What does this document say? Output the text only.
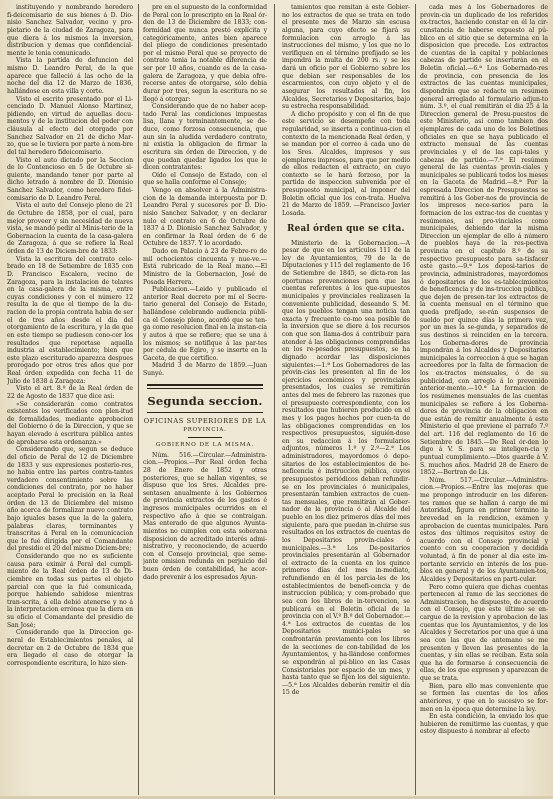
instituyendo y nombrando heredero fi-deicomisario de sus bienes á D. Dio-nisio Sanchez Salvador, vecino y pro-pietario de la ciudad de Zaragoza, para que diera á los mismos la inversion, distribucion y demas que confidencial-mente le tenia comunicado.

Vista la partida de defuncion del mismo D. Leandro Peral, de la que aparece que falleció á las ocho de la noche del dia 12 de Marzo de 1836, hallándose en esta villa y corte.

Visto el escrito presentado por el Li-cenciado D. Manuel Alonso Martinez, pidiendo, en virtud de aquellas docu-mentos y de la institucion del poder con cláusula al efecto del otorgado por Sanchez Salvador en 21 de dicho Mar-zo, que se le tuviera por parte á nom-bre del tal heredero fideicomisario.

Visto el auto dictado por la Seccion de lo Contencioso en 5 de Octubre si-guiente, mandando tener por parte al dicho letrado á nombre de D. Dionisio Sanchez Salvador, como heredero fidei-comisario de D. Leandro Peral.

Vista el auto del Consejo pleno de 21 de Octubre de 1858, por el cual, para mejor proveer y sin necesidad de nueva vista, se mandó pedir al Minis-terio de la Gobernacion la cuenta de la casa-galera de Zaragoza, á que se refiere la Real órden de 13 de Diciem-bre de 1833:

Vista la escritura del contrato cele-brado en 18 de Setiembre de 1835 con D. Francisco Escalera, vecino de Zaragoza, para la instalacion de telares en la casa-galera de la misma, entre cuyas condiciones y con el número 12 resulta la de que el tiempo de la du-racion de la propia contrata habia de ser el de tres años desde el dia del otorgamiento de la escritura, y la de que en este tiempo se pudiesen cono-cer los resultados que reportase aquella industria al establecimiento; bien que este plazo escriturado aparezca despues prorogado por otros tres años que por Real órden expedida con fecha 11 de Julio de 1838 á Zaragoza:

Visto el art. 8.º de la Real órden de 22 de Agosto de 1837 que dice asi:

«Se considerarán como contratos existentes los verificados con plen-itud de formalidades, mediante aprobacion del Gobierno ó de la Direccion, y que se hayan elevado á escritura pública antes de aprobarse esta ordenanza.»

Considerando que, segun se deduce del oficio de Peral de 12 de Diciembre de 1833 y sus expresiones posterio-res, no habia entre las partes contra-tantes verdadero consentimiento sobre las condiciones del contrato, por no haber aceptado Peral le precisión en la Real órden de 13 de Diciembre del mismo año acerca de formalizar nuevo contrato bajo iguales bases que la de la galera, palabras claras, terminantes y transcritas á Peral en la comunicacion que le fué dirigida por el Comandante del presidio el 20 del mismo Diciem-bre;

Considerando que no es suficiente causa para eximir á Peral del cumpli-miento de la Real órden de 13 de Di-ciembre en todas sus partes el objeto parcial con que la fué comunicada, porque habiendo sabidose mientras tran-scrita, á ella debió atenerse y no á la interpretacion errónea que la diera en su oficio el Comandante del presidio de San José;

Considerando que la Direccion ge-neral de Establecimientos penales, al decretar en 2 de Octubre de 1834 que era llegado el caso de otorgar la correspondiente escritura, lo hizo sien-

pre en el supuesto de la conformidad de Peral con lo prescripto en la Real ór-den de 13 de Diciembre de 1833; con-formidad que nunca prestó explícita y categóricamente, antes bien aparece del pliego de condiciones presentado por el mismo Peral que se proyecto de contrato tenia la notable diferencia de ser por 10 años, cuando es de la casa-galera de Zaragoza, y que debia ofre-recerse antes de otorgarse, sólo debia durar por tres, segun la escritura no se llegó á otorgar:

Considerando que de no haber acep-tado Peral las condiciones impuestas lisa, llana y terminantemente, se de-duce, como forzosa consecuencia, que aun sin la aludida verdadero contrato, ni existia la obligacion de firmar la escritura sin órden de Direccion, y de que puedan quedar ligados los que le dicen contratantes:

Oído el Consejo de Estado, con el que se halla conforme el Consejo;

Vengo en absolver á la Administra-cion de la demanda interpuesta por D. Leandro Peral y sucesores por D. Dio-nisio Sanchez Salvador, y en declarar nulo el contrato en 6 de Octubre de 1837 á D. Dionisio Sanchez Salvador, y en confirmar la Real órden de 6 de Octubre de 1837. Y lo acordado.

Dado en Palacio á 23 de Febre-ro de mil ochocientos cincuenta y nue-ve.—Está rubricado de la Real mano.—El Ministro de la Gobernacion, José de Posada Herrera.

Publicacion.—Leido y publicado el anterior Real decreto por mí el Secre-tario general del Consejo de Estado, hallándose celebrando audiencia públi-ca el Consejo pleno, acordó que se ten-ga como resolucion final en la instan-cia y autos á que se refiere; que se una á los mismos; se notifique á las par-tes por cédula de Egiro, y se inserte en la Gaceta, de que certifico.

Madrid 3 de Marzo de 1859.—Juan Sunyé.

Segunda seccion.
OFICINAS SUPERIORES DE LA
PROVINCIA.
GOBIERNO DE LA MISMA.

Núm. 516.—Circular.—Administra-cion.—Propios.—Por Real órden fecha 28 de Enero de 1852 y otras posteriores, que se hallan vigentes, se dispuso que los Sres. Alcaldes pre-sentasen anualmente á los Gobiernos de provincia extractos de los gastos é ingresos municipales ocurridos en el respectivo año á que se contraigan. Mas enterado de que algunos Ayunta-mientos no cumplen con esta soberana disposicion de acreditado interés admi-nistrativo, y reconociendo, de acuerdo con el Consejo provincial, que seme-jante omision redunda en perjuicio del buen órden de contabilidad, he acor-dado prevenir á los espresados Ayun-

tamientos que remitan á este Gobier-no los extractos de que se trata en todo el presente mes de Marzo sin escusa alguna, para cuyo efecto se fijará su formulacion con arreglo á las instrucciones del mismo, y los que no lo verifiquen en el término prefijado se les impondrá la multa de 200 rs. y se les dará un oficio por el Gobierno sobre los que debian ser responsables de los escarmientos, con cuyo objeto y el de asegurar los resultados al fin, los Alcaldes, Secretarios y Depositarios, bajo su estrecha responsabilidad.

A dicho propósito y con el fin de que este servicio se desempeñe con toda regularidad, se inserta a continua-cion el contexto de la mencionada Real órden, y se mandan por el correo á cada uno de los Sres. Alcaldes, impresos y sus ejemplares impresos, para que por medio de ellos redacten el extracto, en cuyo contexto se le hará forzoso, por la partida de inspeccion subvenida por el presupuesto municipal, al imponer del Boletin oficial que los con-trata. Huelva 21 de Marzo de 1859. —Francisco Javier Losada.

Real órden que se cita.

Ministerio de la Gobernacion.—A pesar de que en los artículos 111 de la ley de Ayuntamientos, 79 de la de Diputaciones y 115 del reglamento de 16 de Setiembre de 1845, se dicta-ron las oportunas prevenciones para que las cuentas referentes á los que-supuestos municipales y provinciales realizasen la conveniente publicidad, deseando S. M. que los pueblos tengan una noticia tan exacta y frecuente co-mo sea posible de la inversion que se diere á los recursos con que son llama-dos á contribuir para atender á las obligaciones comprendidas en los re-pesados presupuestos, se ha dignado acordar las disposiciones siguientes:—1.ª Los Gobernadores de las provin-cias les presenten al fin de los ejercicios económicos y provinciales presentados, los cuales se remitirán antes del mes de febrero las razones que el presupuesto correspondiente, con los resultados que hubieren producido en el mes y los pagos hechos por cuen-ta de las obligaciones comprendidas en los respectivos presupuestos, siguién-dose en su redaccion á los formularios adjuntos, números 1.º y 2.º—2.ª Los administradores, mayordomos ó depo-sitarios de los establecimientos de be-neficencia é instruccion pública, cuyos presupuestos periódicos deban refundir-se en los provinciales ó municipales, presentarán tambien extractos de cuen-tas mensuales, que remitirán al Gober-nador de la provincia ó al Alcalde del pueblo en los diez primeros días del mes siguiente, para que puedan in-cluirse sus resultados en los extractos de cuentas de los Depositarios provin-ciales ó municipales.—3.ª Los De-positarios provinciales presentarán al Gobernador el extracto de la cuenta en los quince primeros días del mes in-mediato, refundiendo en él los parcia-les de los establecimientos de benefi-cencia y de instruccion pública; y com-probado que sea con los libros de in-tervencion, se publicará en el Boletin oficial de la provincia con el V.º B.º del Gobernador.—4.ª Los extractos de cuentas de los Depositarios munici-pales se confrontarán previamente con los libros de la secciones de con-tabilidad de los Ayuntamientos, y ha-llándose conformes se expondrán al pú-blico en las Casas Consistoriales por espacio de un mes, y hasta tanto que se fijen los del siguiente.—5.ª Los Alcaldes deberán remitir el día 15 de

cada mes á los Gobernadores de provin-cia un duplicado de los referidos ex-tractos, haciendo constar en él la cir-cunstancia de haberse expuesto al pú-blico en el sitio que se determina en la disposicion que precede. Los extractos de cuentas de la capital y poblaciones cabezas de partido se insertarán en el Boletin oficial.—6.ª Los Gobernado-res de provincia, con presencia de los extractos de las cuentas municipales, dispondrán que se redacte un resúmen general arreglado al formulario adjun-to núm. 3.º, el cual remitirán el dia 25 á la Direccion general de Presu-puestos de este Ministerio, así como tambien dos ejemplares de cada uno de los Boletines oficiales en que se haya publicado el extracto mensual de las cuentas provinciales y el de las capi-tales y cabezas de partido.—7.ª El resúmen general de las cuentas provin-ciales y municipales se publicará todos los meses en la Gaceta de Madrid.—8.ª Por la espresada Direccion de Presupuestos se remitirá á los Gober-nos de provincia de los impresos nece-sarios para la formacion de los extrac-tos de cuentas y resúmenes, así pro-vinciales como municipales, debiendo dar la misma Direccion un ejemplar de ello á número de pueblos haya de la res-pectiva provincia en el capítulo 8.º de su respectivo presupuesto para sa-tisfacer este gasto.—9.ª Los deposi-tarios de provincia, administradores, mayordomos ó depositarios de los es-tablecimientos de beneficencia y de ins-truccion pública, que dejen de presen-tar los extractos de la cuenta mensual en el término que queda prefijado, se-rán suspensos de sueldo por quince días la primera vez, por un mes la se-gunda, y separados de sus destinos si reinciden en la tercera. Los Goberna-dores de provincia impondrán á los Alcaldes y Depositarios municipales la correccion á que se hagan acreedores por la falta de formacion de los ex-tractos mensuales, ó de su publicidad, con arreglo á lo prevenido anterior-mente.—10.ª La formacion de los resúmenes mensuales de las cuentas municipales se refiere á los Goberna-dores de provincia de la obligacion en que están de remitir anualmente á este Ministerio el que previene el párrafo 7.º del art. 116 del reglamento de 16 de Setiembre de 1845.—De Real ór-den lo digo á V. S. para su inteligen-cia y puntual cumplimiento.—Dios guarde á V. S. muchos años. Madrid 28 de Enero de 1852.—Bertran de Lis.

Núm. 517.—Circular.—Administra-cion.—Propios.—Entre las mejoras que me propongo introducir en los diferen-tes ramos que se hallan á cargo de mi Autoridad, figura en primer término la brevedad en la rendicion, exámen y aprobacion de cuentas municipales. Para estos dos últimos requisitos estoy de acuerdo con el Consejo provincial y cuento con su cooperacion y decidida voluntad, á fin de poner al dia este im-portante servicio en interés de los pue-blos en general y de los Ayuntamien-tos, Alcaldes y Depositarios en parti-cular.

Pero como quiera que dichas cuentas pertenecen al ramo de las secciones de Administracion, he dispuesto, de acuerdo con el Consejo, que este último se en-cargue de la revision y aprobacion de las cuentas que los Ayuntamientos, y de los Alcaldes y Secretarios por una que á una sea con las que de antemano se me presenten y lleven las presentes de la cuentas, y sin ellas se reciban. Esta sola que ha de formarse á consecuencia de ellas, de los que expresen y aparezcan de que se trata.

Bien, para ello mas conveniente que se formen las cuentas de los años anteriores, y que en lo sucesivo se for-men en la época que determine la ley.

En esta condición, la enviado los que hubieren de remitirme las cuentas, y que estoy dispuesto á nombrar al efecto
